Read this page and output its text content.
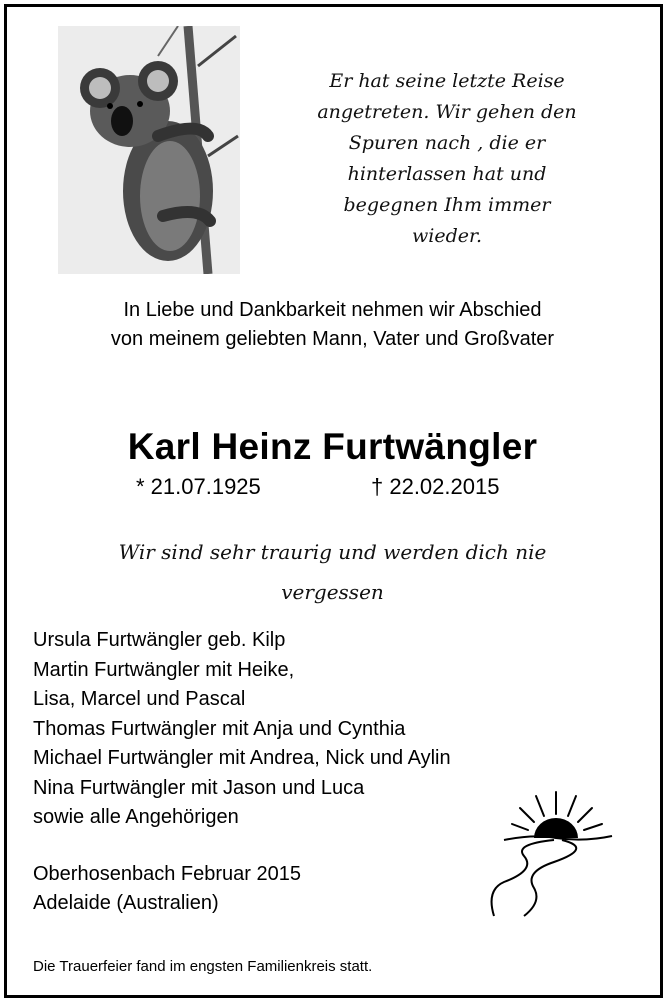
Er hat seine letzte Reise
angetreten. Wir gehen den
Spuren nach , die er
hinterlassen hat und
begegnen Ihm immer
wieder.
In Liebe und Dankbarkeit nehmen wir Abschied
von meinem geliebten Mann, Vater und Großvater
Karl Heinz Furtwängler
* 21.07.1925	† 22.02.2015
Wir sind sehr traurig und werden dich nie
vergessen
Ursula Furtwängler geb. Kilp
Martin Furtwängler mit Heike,
Lisa, Marcel und Pascal
Thomas Furtwängler mit Anja und Cynthia
Michael Furtwängler mit Andrea, Nick und Aylin
Nina Furtwängler mit Jason und Luca
sowie alle Angehörigen
Oberhosenbach Februar 2015
Adelaide (Australien)
Die Trauerfeier fand im engsten Familienkreis statt.
